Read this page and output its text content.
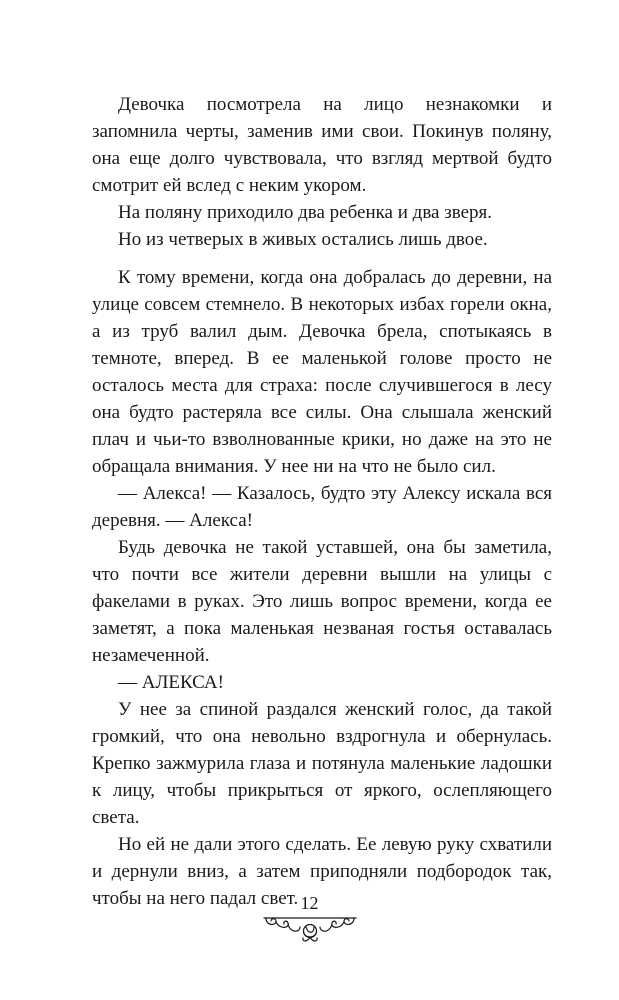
Девочка посмотрела на лицо незнакомки и запомнила черты, заменив ими свои. Покинув поляну, она еще долго чувствовала, что взгляд мертвой будто смотрит ей вслед с неким укором.

На поляну приходило два ребенка и два зверя.

Но из четверых в живых остались лишь двое.

К тому времени, когда она добралась до деревни, на улице совсем стемнело. В некоторых избах горели окна, а из труб валил дым. Девочка брела, спотыкаясь в темноте, вперед. В ее маленькой голове просто не осталось места для страха: после случившегося в лесу она будто растеряла все силы. Она слышала женский плач и чьи-то взволнованные крики, но даже на это не обращала внимания. У нее ни на что не было сил.

— Алекса! — Казалось, будто эту Алексу искала вся деревня. — Алекса!

Будь девочка не такой уставшей, она бы заметила, что почти все жители деревни вышли на улицы с факелами в руках. Это лишь вопрос времени, когда ее заметят, а пока маленькая незваная гостья оставалась незамеченной.

— АЛЕКСА!

У нее за спиной раздался женский голос, да такой громкий, что она невольно вздрогнула и обернулась. Крепко зажмурила глаза и потянула маленькие ладошки к лицу, чтобы прикрыться от яркого, ослепляющего света.

Но ей не дали этого сделать. Ее левую руку схватили и дернули вниз, а затем приподняли подбородок так, чтобы на него падал свет. 12
